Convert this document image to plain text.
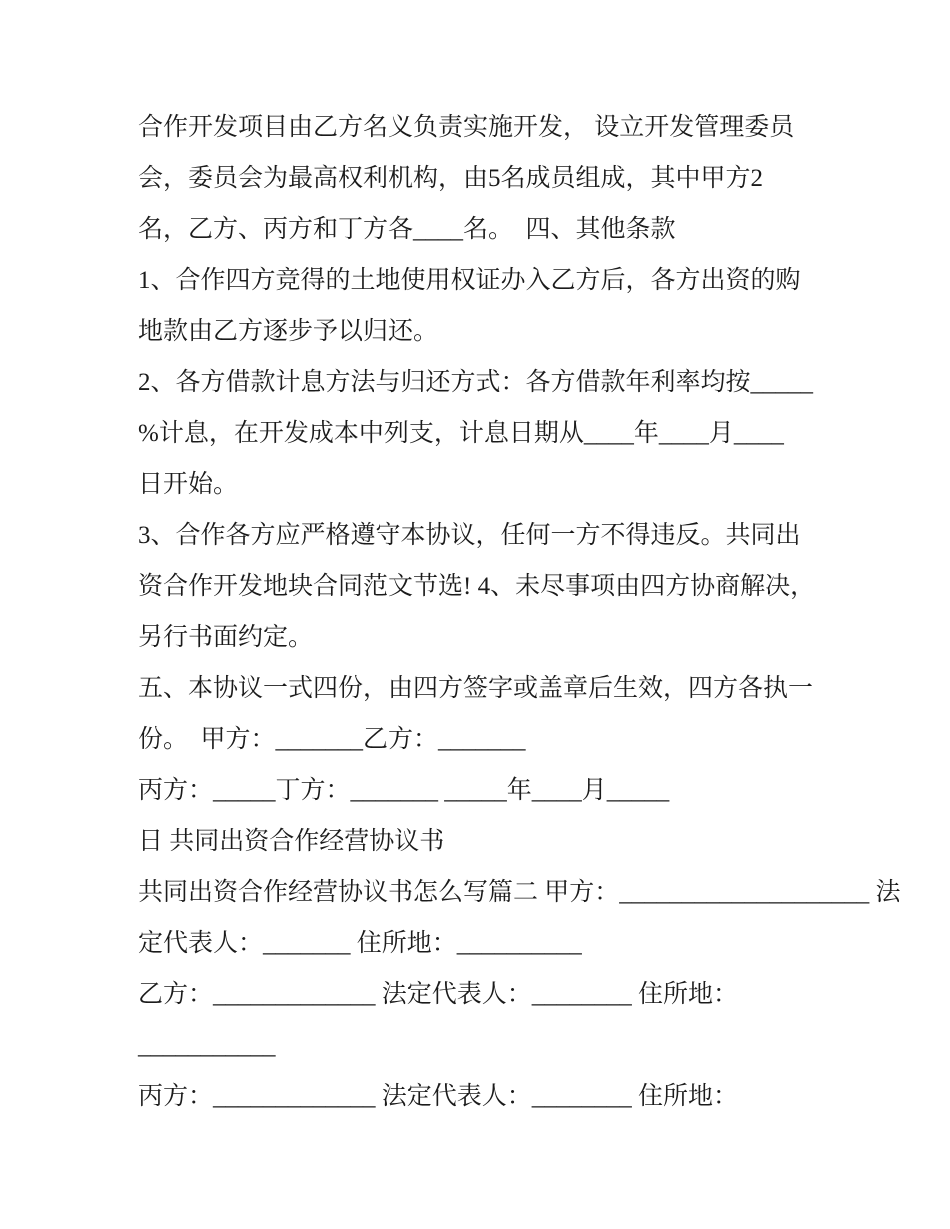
合作开发项目由乙方名义负责实施开发， 设立开发管理委员
会，委员会为最高权利机构，由5名成员组成，其中甲方2
名，乙方、丙方和丁方各____名。　四、其他条款
1、合作四方竞得的土地使用权证办入乙方后，各方出资的购
地款由乙方逐步予以归还。
2、各方借款计息方法与归还方式：各方借款年利率均按_____
%计息，在开发成本中列支，计息日期从____年____月____
日开始。
3、合作各方应严格遵守本协议，任何一方不得违反。共同出
资合作开发地块合同范文节选! 4、未尽事项由四方协商解决，
另行书面约定。
五、本协议一式四份，由四方签字或盖章后生效，四方各执一
份。　甲方：_______乙方：_______
丙方：_____丁方：_______ _____年____月_____
日 共同出资合作经营协议书
共同出资合作经营协议书怎么写篇二 甲方：____________________ 法
定代表人：_______ 住所地：__________
乙方：_____________ 法定代表人：________ 住所地：
___________
丙方：_____________ 法定代表人：________ 住所地：
